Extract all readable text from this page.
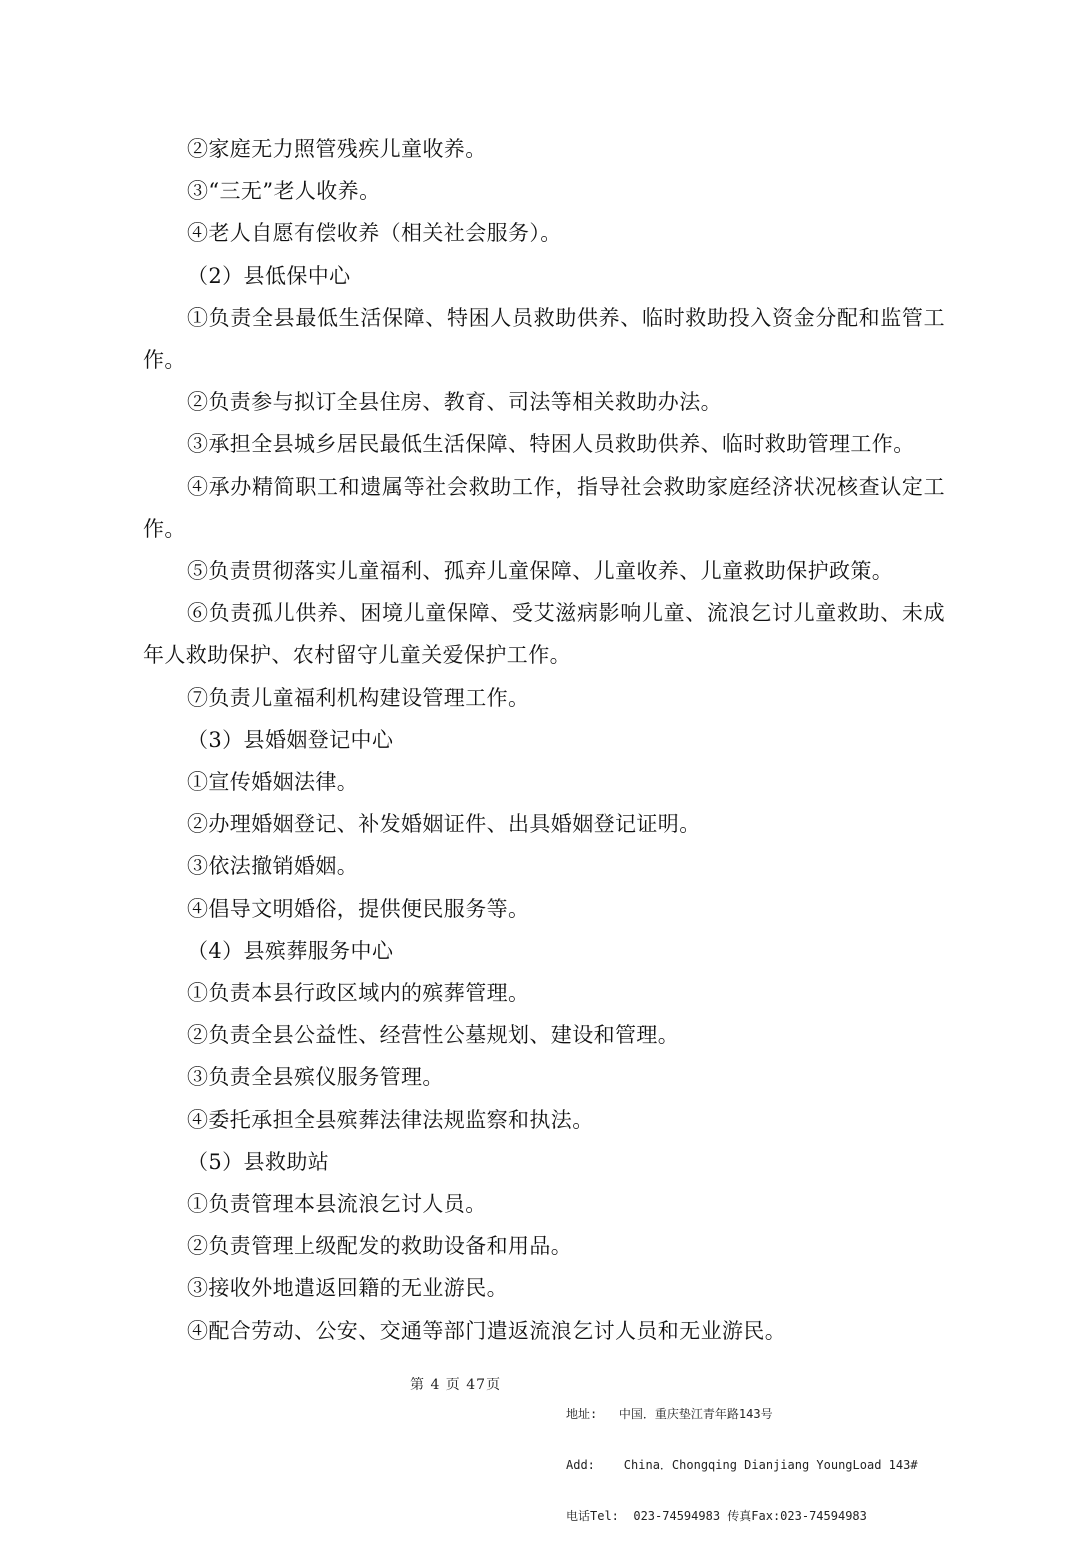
②家庭无力照管残疾儿童收养。

③“三无”老人收养。

④老人自愿有偿收养（相关社会服务）。

（2）县低保中心

①负责全县最低生活保障、特困人员救助供养、临时救助投入资金分配和监管工作。

②负责参与拟订全县住房、教育、司法等相关救助办法。

③承担全县城乡居民最低生活保障、特困人员救助供养、临时救助管理工作。

④承办精简职工和遗属等社会救助工作，指导社会救助家庭经济状况核查认定工作。

⑤负责贯彻落实儿童福利、孤弃儿童保障、儿童收养、儿童救助保护政策。

⑥负责孤儿供养、困境儿童保障、受艾滋病影响儿童、流浪乞讨儿童救助、未成年人救助保护、农村留守儿童关爱保护工作。

⑦负责儿童福利机构建设管理工作。

（3）县婚姻登记中心

①宣传婚姻法律。

②办理婚姻登记、补发婚姻证件、出具婚姻登记证明。

③依法撤销婚姻。

④倡导文明婚俗，提供便民服务等。

（4）县殡葬服务中心

①负责本县行政区域内的殡葬管理。

②负责全县公益性、经营性公墓规划、建设和管理。

③负责全县殡仪服务管理。

④委托承担全县殡葬法律法规监察和执法。

（5）县救助站

①负责管理本县流浪乞讨人员。

②负责管理上级配发的救助设备和用品。

③接收外地遣返回籍的无业游民。

④配合劳动、公安、交通等部门遣返流浪乞讨人员和无业游民。

第 4 页 47页

地址:   中国．重庆垫江青年路143号

Add:    China．Chongqing Dianjiang YoungLoad 143#

电话Tel:  023-74594983 传真Fax:023-74594983
